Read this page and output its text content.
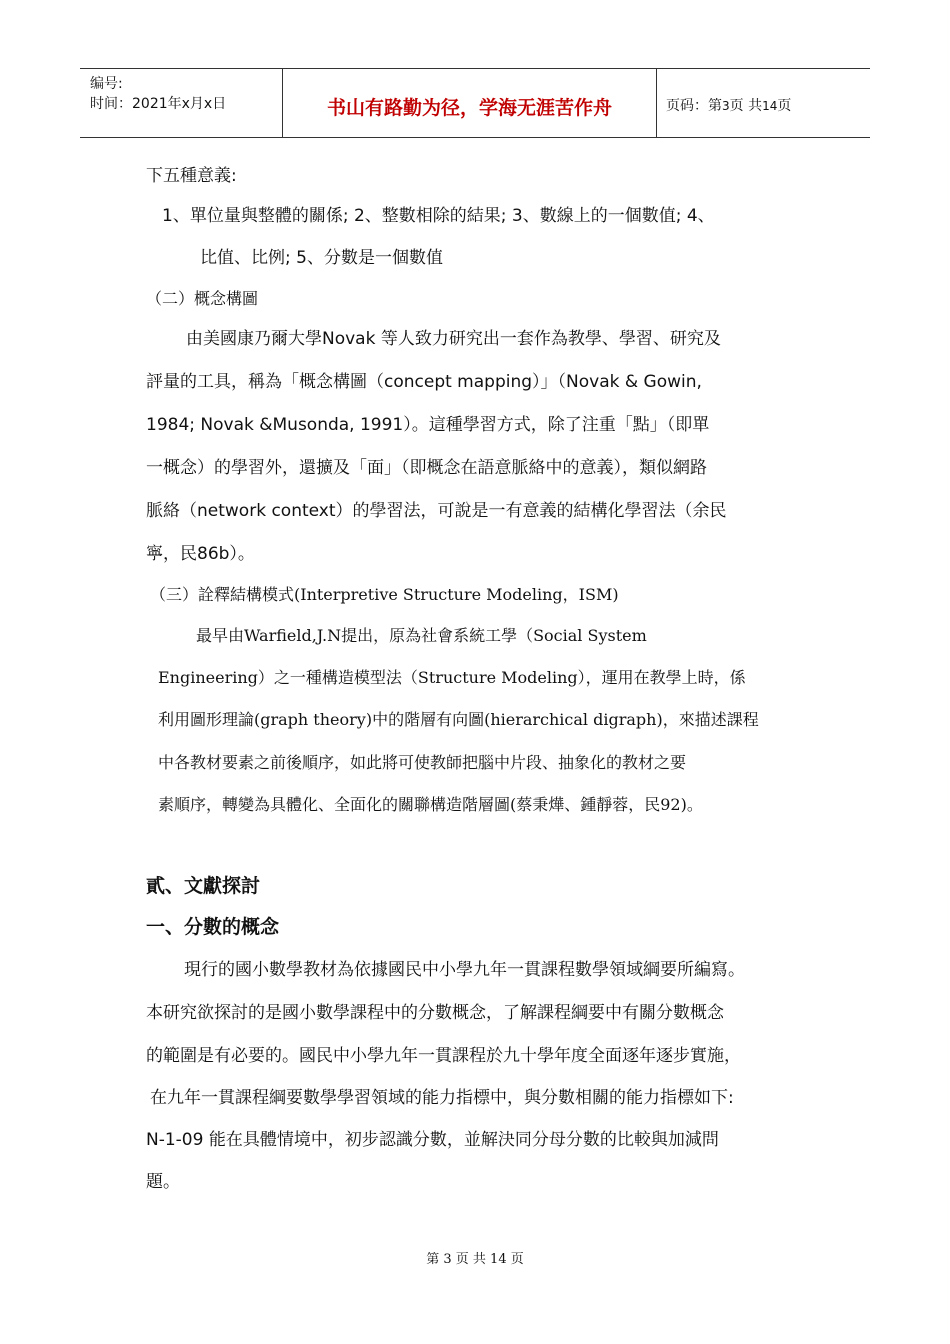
编号:
时间：2021年x月x日	书山有路勤为径，学海无涯苦作舟	页码：第3页 共14页
下五種意義:
1、單位量與整體的關係; 2、整數相除的結果; 3、數線上的一個數值; 4、
比值、比例; 5、分數是一個數值
（二）概念構圖
由美國康乃爾大學Novak 等人致力研究出一套作為教學、學習、研究及
評量的工具，稱為「概念構圖（concept mapping）」（Novak & Gowin,
1984; Novak &Musonda, 1991）。這種學習方式，除了注重「點」（即單
一概念）的學習外，還擴及「面」（即概念在語意脈絡中的意義），類似網路
脈絡（network context）的學習法，可說是一有意義的結構化學習法（余民
寧，民86b）。
（三）詮釋結構模式(Interpretive Structure Modeling，ISM)
最早由Warfield,J.N提出，原為社會系統工學（Social System
Engineering）之一種構造模型法（Structure Modeling），運用在教學上時，係
利用圖形理論(graph theory)中的階層有向圖(hierarchical digraph)，來描述課程
中各教材要素之前後順序，如此將可使教師把腦中片段、抽象化的教材之要
素順序，轉變為具體化、全面化的關聯構造階層圖(蔡秉燁、鍾靜蓉，民92)。
貳、文獻探討
一、分數的概念
現行的國小數學教材為依據國民中小學九年一貫課程數學領域綱要所編寫。
本研究欲探討的是國小數學課程中的分數概念，了解課程綱要中有關分數概念
的範圍是有必要的。國民中小學九年一貫課程於九十學年度全面逐年逐步實施，
在九年一貫課程綱要數學學習領域的能力指標中，與分數相關的能力指標如下:
N-1-09 能在具體情境中，初步認識分數，並解決同分母分數的比較與加減問
題。
第 3 页 共 14 页
